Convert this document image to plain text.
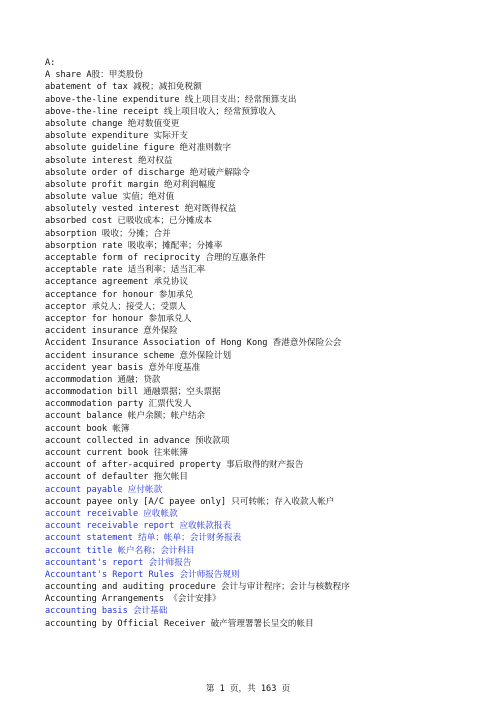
A:
A share A股：甲类股份
abatement of tax 减税；减扣免税额
above-the-line expenditure 线上项目支出；经常预算支出
above-the-line receipt 线上项目收入；经常预算收入
absolute change 绝对数值变更
absolute expenditure 实际开支
absolute guideline figure 绝对准则数字
absolute interest 绝对权益
absolute order of discharge 绝对破产解除令
absolute profit margin 绝对利润幅度
absolute value 实值；绝对值
absolutely vested interest 绝对既得权益
absorbed cost 已吸收成本；已分摊成本
absorption 吸收；分摊；合并
absorption rate 吸收率；摊配率；分摊率
acceptable form of reciprocity 合理的互惠条件
acceptable rate 适当利率；适当汇率
acceptance agreement 承兑协议
acceptance for honour 参加承兑
acceptor 承兑人；接受人；受票人
acceptor for honour 参加承兑人
accident insurance 意外保险
Accident Insurance Association of Hong Kong 香港意外保险公会
accident insurance scheme 意外保险计划
accident year basis 意外年度基准
accommodation 通融；贷款
accommodation bill 通融票据；空头票据
accommodation party 汇票代发人
account balance 帐户余额；帐户结余
account book 帐簿
account collected in advance 预收款项
account current book 往来帐簿
account of after-acquired property 事后取得的财产报告
account of defaulter 拖欠帐目
account payable 应付帐款
account payee only [A/C payee only] 只可转帐；存入收款人帐户
account receivable 应收帐款
account receivable report 应收帐款报表
account statement 结单；帐单；会计财务报表
account title 帐户名称；会计科目
accountant's report 会计师报告
Accountant's Report Rules 会计师报告规则
accounting and auditing procedure 会计与审计程序；会计与核数程序
Accounting Arrangements 《会计安排》
accounting basis 会计基础
accounting by Official Receiver 破产管理署署长呈交的帐目
第 1 页，共 163 页
